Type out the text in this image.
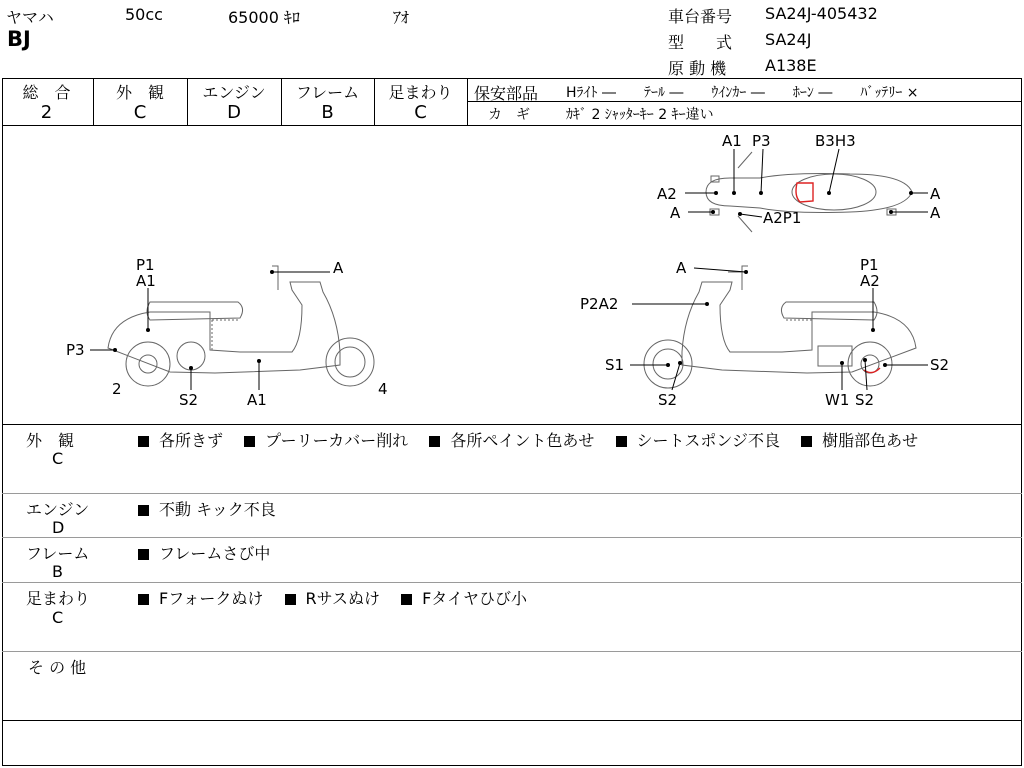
ヤマハ	50cc	65000 ｷﾛ	ｱｵ
BJ
車台番号 SA24J-405432
型　　式 SA24J
原 動 機 A138E
総　合
2
外　観
C
エンジン
D
フレーム
B
足まわり
C
保安部品 Hﾗｲﾄ ―　　ﾃｰﾙ ―　　ｳｲﾝｶｰ ―　　ﾎｰﾝ ―　　ﾊﾞｯﾃﾘｰ ×
カ　ギ	ｶｷﾞ 2 ｼｬｯﾀｰｷｰ 2 ｷｰ違い
A1 P3	B3H3
A2
A
A
A
A2P1
P1
A1
A
P3
2
S2	A1
4
A	P1
A2
P2A2
S1
S2
S2
W1 S2
外　観
C
各所きず	プーリーカバー削れ	各所ペイント色あせ	シートスポンジ不良	樹脂部色あせ
エンジン
D
不動 キック不良
フレーム
B
フレームさび中
足まわり
C
Fフォークぬけ	Rサスぬけ	Fタイヤひび小
そ の 他
